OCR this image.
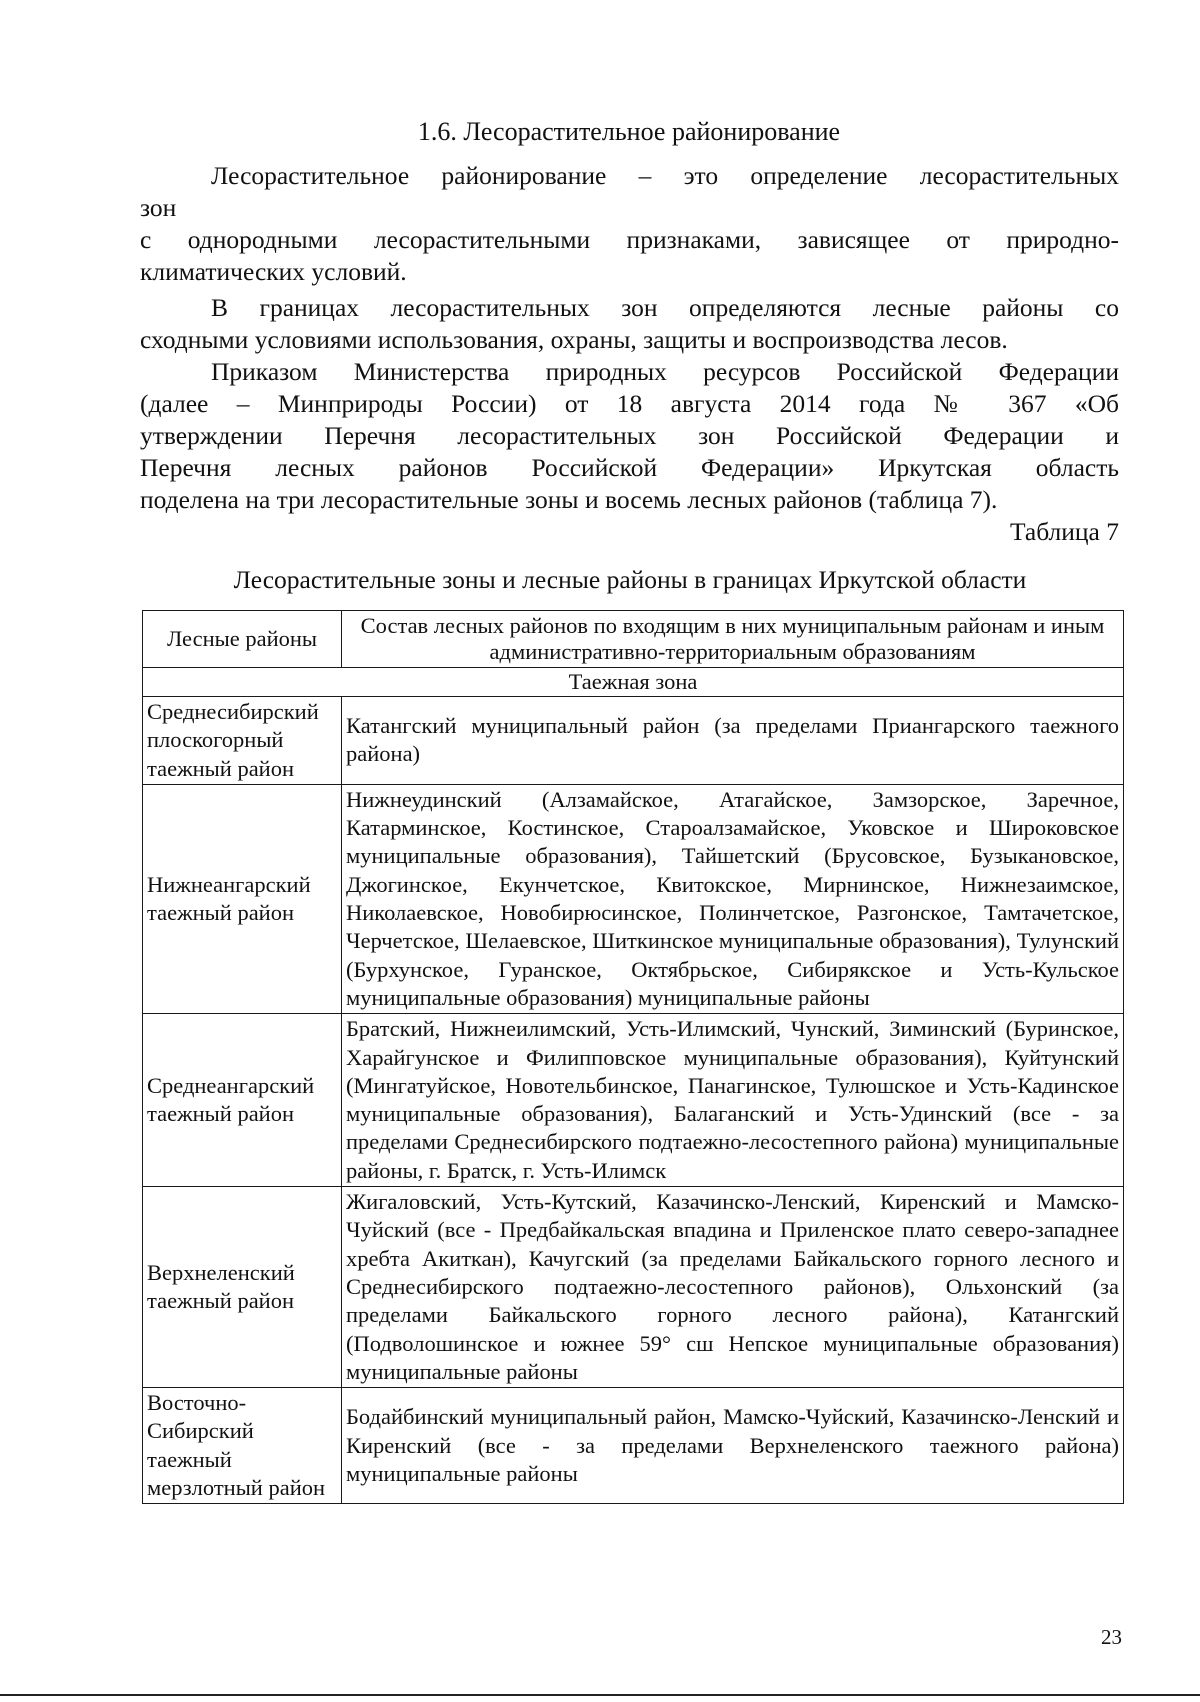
1.6. Лесорастительное районирование
Лесорастительное районирование – это определение лесорастительных
зон
с однородными лесорастительными признаками, зависящее от природно-
климатических условий.
В границах лесорастительных зон определяются лесные районы со
сходными условиями использования, охраны, защиты и воспроизводства лесов.
Приказом Министерства природных ресурсов Российской Федерации
(далее – Минприроды России) от 18 августа 2014 года № 367 «Об
утверждении Перечня лесорастительных зон Российской Федерации и
Перечня лесных районов Российской Федерации» Иркутская область
поделена на три лесорастительные зоны и восемь лесных районов (таблица 7).
Таблица 7
Лесорастительные зоны и лесные районы в границах Иркутской области
Лесные районы	Состав лесных районов по входящим в них муниципальным районам и иным административно-территориальным образованиям
Таежная зона	
Среднесибирский плоскогорный таежный район	Катангский муниципальный район (за пределами Приангарского таежного района)
Нижнеангарский таежный район	Нижнеудинский (Алзамайское, Атагайское, Замзорское, Заречное, Катарминское, Костинское, Староалзамайское, Уковское и Широковское муниципальные образования), Тайшетский (Брусовское, Бузыкановское, Джогинское, Екунчетское, Квитокское, Мирнинское, Нижнезаимское, Николаевское, Новобирюсинское, Полинчетское, Разгонское, Тамтачетское, Черчетское, Шелаевское, Шиткинское муниципальные образования), Тулунский (Бурхунское, Гуранское, Октябрьское, Сибирякское и Усть-Кульское муниципальные образования) муниципальные районы
Среднеангарский таежный район	Братский, Нижнеилимский, Усть-Илимский, Чунский, Зиминский (Буринское, Харайгунское и Филипповское муниципальные образования), Куйтунский (Мингатуйское, Новотельбинское, Панагинское, Тулюшское и Усть-Кадинское муниципальные образования), Балаганский и Усть-Удинский (все - за пределами Среднесибирского подтаежно-лесостепного района) муниципальные районы, г. Братск, г. Усть-Илимск
Верхнеленский таежный район	Жигаловский, Усть-Кутский, Казачинско-Ленский, Киренский и Мамско-Чуйский (все - Предбайкальская впадина и Приленское плато северо-западнее хребта Акиткан), Качугский (за пределами Байкальского горного лесного и Среднесибирского подтаежно-лесостепного районов), Ольхонский (за пределами Байкальского горного лесного района), Катангский (Подволошинское и южнее 59° сш Непское муниципальные образования) муниципальные районы
Восточно-Сибирский таежный мерзлотный район	Бодайбинский муниципальный район, Мамско-Чуйский, Казачинско-Ленский и Киренский (все - за пределами Верхнеленского таежного района) муниципальные районы
23
